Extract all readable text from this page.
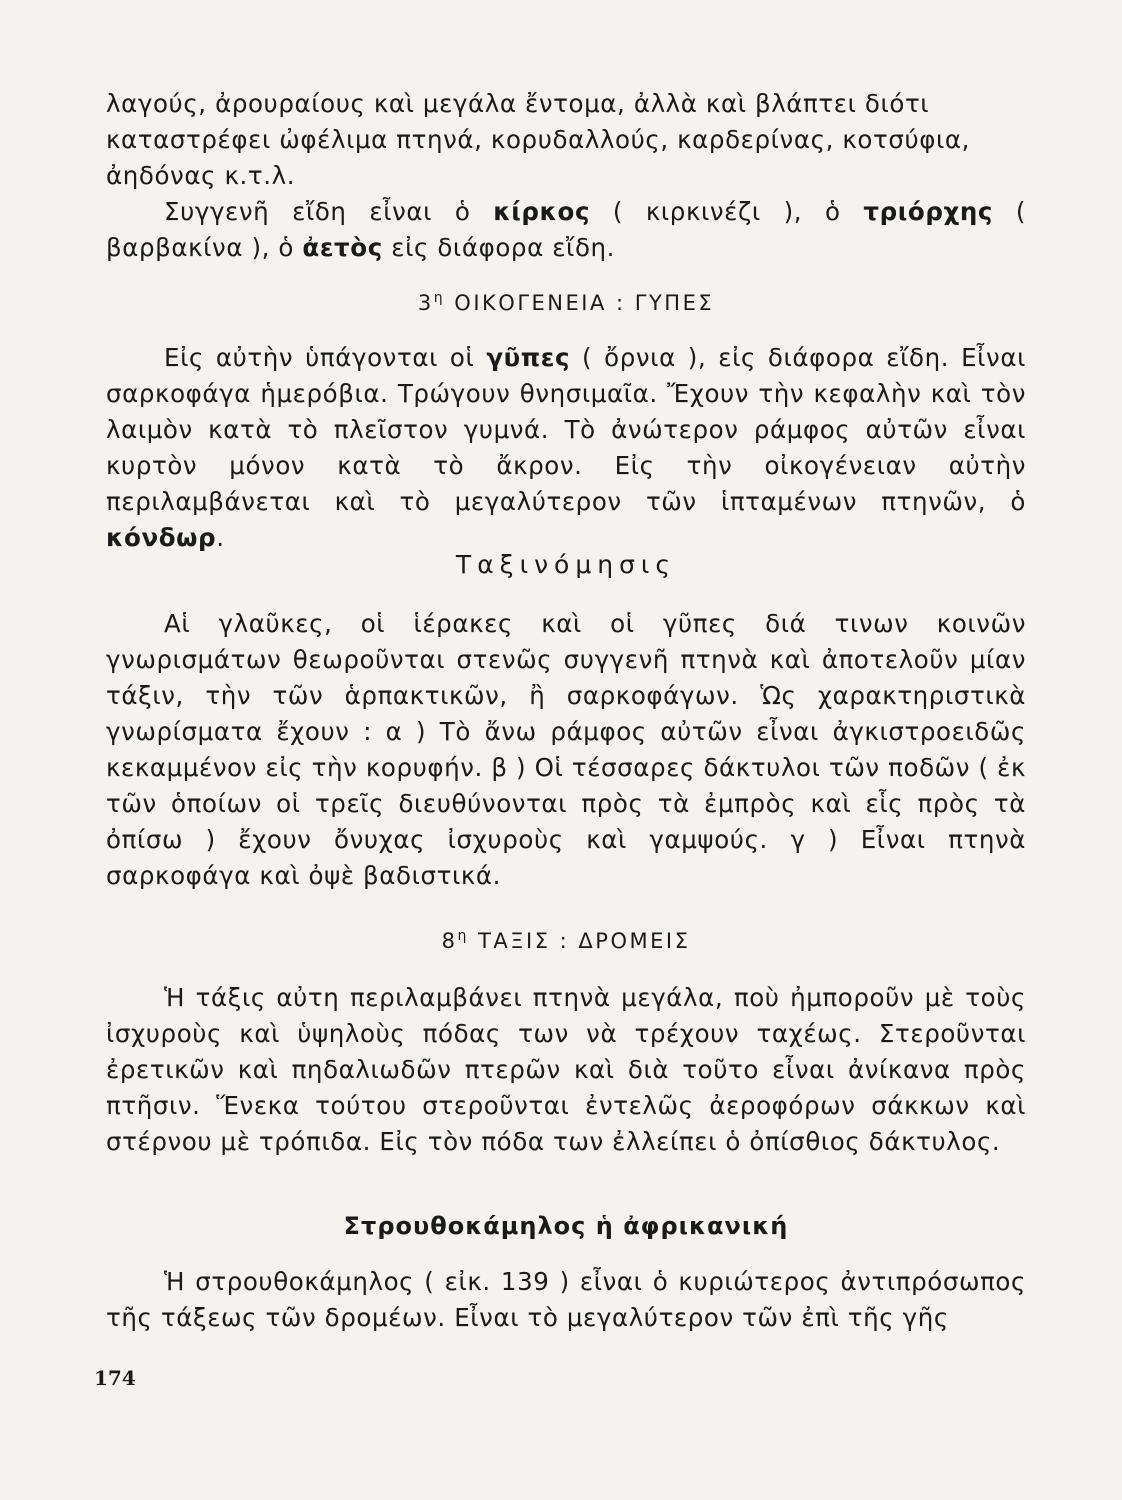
λαγούς, ἀρουραίους καὶ μεγάλα ἔντομα, ἀλλὰ καὶ βλάπτει διότι
καταστρέφει ὠφέλιμα πτηνά, κορυδαλλούς, καρδερίνας, κοτσύφια,
ἀηδόνας κ.τ.λ.

Συγγενῆ εἴδη εἶναι ὁ κίρκος ( κιρκινέζι ), ὁ τριόρχης ( βαρβακίνα ), ὁ ἀετὸς εἰς διάφορα εἴδη.

$3^\eta$ ΟΙΚΟΓΕΝΕΙΑ : ΓΥΠΕΣ

Εἰς αὐτὴν ὑπάγονται οἱ γῦπες ( ὄρνια ), εἰς διάφορα εἴδη. Εἶναι σαρκοφάγα ἡμερόβια. Τρώγουν θνησιμαῖα. Ἔχουν τὴν κεφαλὴν καὶ τὸν λαιμὸν κατὰ τὸ πλεῖστον γυμνά. Τὸ ἀνώτερον ράμφος αὐτῶν εἶναι κυρτὸν μόνον κατὰ τὸ ἄκρον. Εἰς τὴν οἰκογένειαν αὐτὴν περιλαμβάνεται καὶ τὸ μεγαλύτερον τῶν ἱπταμένων πτηνῶν, ὁ κόνδωρ.

Ταξινόμησις

Αἱ γλαῦκες, οἱ ἱέρακες καὶ οἱ γῦπες διά τινων κοινῶν γνωρισμάτων θεωροῦνται στενῶς συγγενῆ πτηνὰ καὶ ἀποτελοῦν μίαν τάξιν, τὴν τῶν ἁρπακτικῶν, ἢ σαρκοφάγων. Ὡς χαρακτηριστικὰ γνωρίσματα ἔχουν : α ) Τὸ ἄνω ράμφος αὐτῶν εἶναι ἀγκιστροειδῶς κεκαμμένον εἰς τὴν κορυφήν. β ) Οἱ τέσσαρες δάκτυλοι τῶν ποδῶν ( ἐκ τῶν ὁποίων οἱ τρεῖς διευθύνονται πρὸς τὰ ἐμπρὸς καὶ εἷς πρὸς τὰ ὀπίσω ) ἔχουν ὄνυχας ἰσχυροὺς καὶ γαμψούς. γ ) Εἶναι πτηνὰ σαρκοφάγα καὶ ὀψὲ βαδιστικά.

$8^\eta$ ΤΑΞΙΣ : ΔΡΟΜΕΙΣ

Ἡ τάξις αὐτη περιλαμβάνει πτηνὰ μεγάλα, ποὺ ἠμποροῦν μὲ τοὺς ἰσχυροὺς καὶ ὑψηλοὺς πόδας των νὰ τρέχουν ταχέως. Στεροῦνται ἐρετικῶν καὶ πηδαλιωδῶν πτερῶν καὶ διὰ τοῦτο εἶναι ἀνίκανα πρὸς πτῆσιν. Ἕνεκα τούτου στεροῦνται ἐντελῶς ἀεροφόρων σάκκων καὶ στέρνου μὲ τρόπιδα. Εἰς τὸν πόδα των ἐλλείπει ὁ ὀπίσθιος δάκτυλος.

Στρουθοκάμηλος ἡ ἀφρικανική

Ἡ στρουθοκάμηλος ( εἰκ. 139 ) εἶναι ὁ κυριώτερος ἀντιπρόσωπος τῆς τάξεως τῶν δρομέων. Εἶναι τὸ μεγαλύτερον τῶν ἐπὶ τῆς γῆς

174
